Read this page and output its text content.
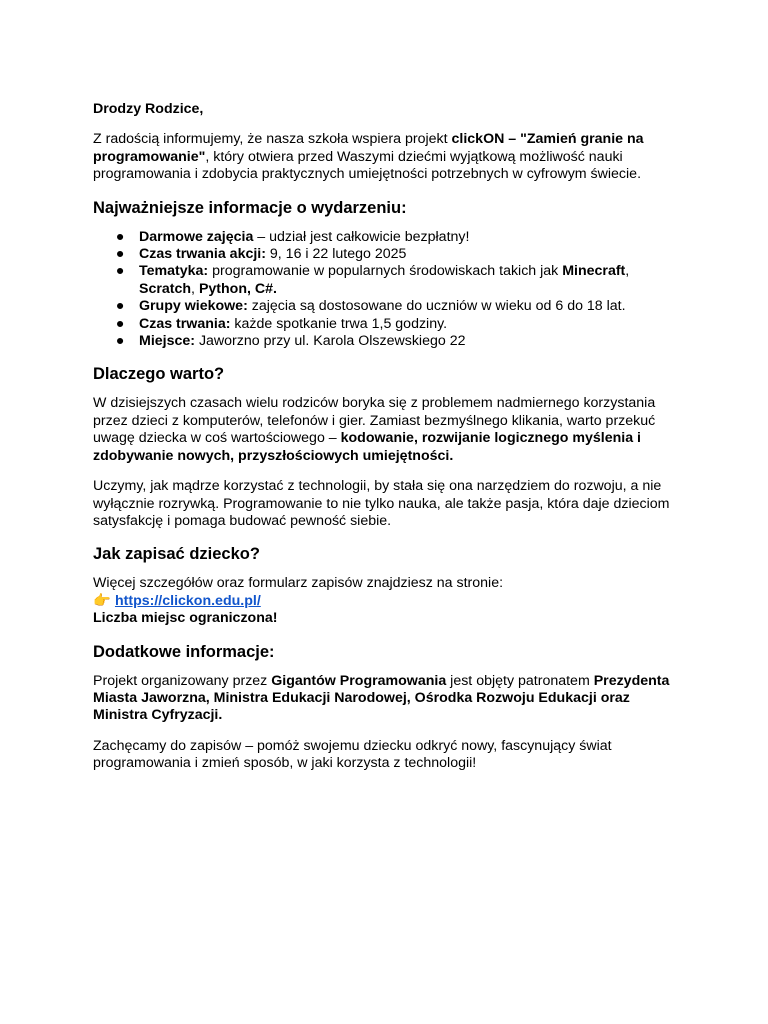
Drodzy Rodzice,

Z radością informujemy, że nasza szkoła wspiera projekt clickON – "Zamień granie na programowanie", który otwiera przed Waszymi dziećmi wyjątkową możliwość nauki programowania i zdobycia praktycznych umiejętności potrzebnych w cyfrowym świecie.

Najważniejsze informacje o wydarzeniu:
● Darmowe zajęcia – udział jest całkowicie bezpłatny!
● Czas trwania akcji: 9, 16 i 22 lutego 2025
● Tematyka: programowanie w popularnych środowiskach takich jak Minecraft, Scratch, Python, C#.
● Grupy wiekowe: zajęcia są dostosowane do uczniów w wieku od 6 do 18 lat.
● Czas trwania: każde spotkanie trwa 1,5 godziny.
● Miejsce: Jaworzno przy ul. Karola Olszewskiego 22
Dlaczego warto?

W dzisiejszych czasach wielu rodziców boryka się z problemem nadmiernego korzystania przez dzieci z komputerów, telefonów i gier. Zamiast bezmyślnego klikania, warto przekuć uwagę dziecka w coś wartościowego – kodowanie, rozwijanie logicznego myślenia i zdobywanie nowych, przyszłościowych umiejętności.

Uczymy, jak mądrze korzystać z technologii, by stała się ona narzędziem do rozwoju, a nie wyłącznie rozrywką. Programowanie to nie tylko nauka, ale także pasja, która daje dzieciom satysfakcję i pomaga budować pewność siebie.

Jak zapisać dziecko?

Więcej szczegółów oraz formularz zapisów znajdziesz na stronie:

👉 https://clickon.edu.pl/

Liczba miejsc ograniczona!

Dodatkowe informacje:

Projekt organizowany przez Gigantów Programowania jest objęty patronatem Prezydenta Miasta Jaworzna, Ministra Edukacji Narodowej, Ośrodka Rozwoju Edukacji oraz Ministra Cyfryzacji.

Zachęcamy do zapisów – pomóż swojemu dziecku odkryć nowy, fascynujący świat programowania i zmień sposób, w jaki korzysta z technologii!
